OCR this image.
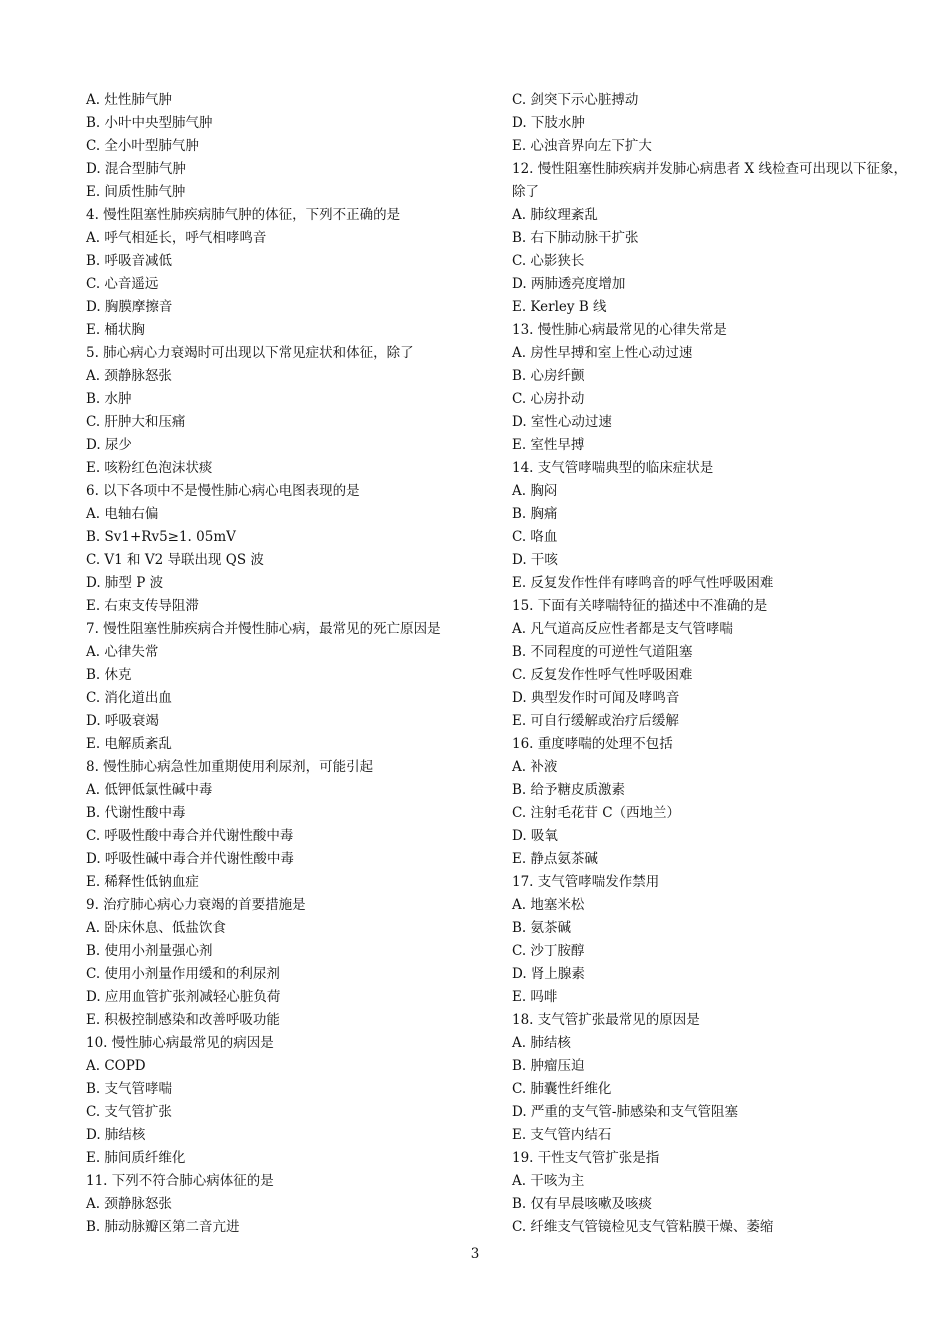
A. 灶性肺气肿
B. 小叶中央型肺气肿
C. 全小叶型肺气肿
D. 混合型肺气肿
E. 间质性肺气肿
4. 慢性阻塞性肺疾病肺气肿的体征，下列不正确的是
A. 呼气相延长，呼气相哮鸣音
B. 呼吸音减低
C. 心音遥远
D. 胸膜摩擦音
E. 桶状胸
5. 肺心病心力衰竭时可出现以下常见症状和体征，除了
A. 颈静脉怒张
B. 水肿
C. 肝肿大和压痛
D. 尿少
E. 咳粉红色泡沫状痰
6. 以下各项中不是慢性肺心病心电图表现的是
A. 电轴右偏
B. Sv1+Rv5≥1. 05mV
C. V1 和 V2 导联出现 QS 波
D. 肺型 P 波
E. 右束支传导阻滞
7. 慢性阻塞性肺疾病合并慢性肺心病，最常见的死亡原因是
A. 心律失常
B. 休克
C. 消化道出血
D. 呼吸衰竭
E. 电解质紊乱
8. 慢性肺心病急性加重期使用利尿剂，可能引起
A. 低钾低氯性碱中毒
B. 代谢性酸中毒
C. 呼吸性酸中毒合并代谢性酸中毒
D. 呼吸性碱中毒合并代谢性酸中毒
E. 稀释性低钠血症
9. 治疗肺心病心力衰竭的首要措施是
A. 卧床休息、低盐饮食
B. 使用小剂量强心剂
C. 使用小剂量作用缓和的利尿剂
D. 应用血管扩张剂减轻心脏负荷
E. 积极控制感染和改善呼吸功能
10. 慢性肺心病最常见的病因是
A. COPD
B. 支气管哮喘
C. 支气管扩张
D. 肺结核
E. 肺间质纤维化
11. 下列不符合肺心病体征的是
A. 颈静脉怒张
B. 肺动脉瓣区第二音亢进
C. 剑突下示心脏搏动
D. 下肢水肿
E. 心浊音界向左下扩大
12. 慢性阻塞性肺疾病并发肺心病患者 X 线检查可出现以下征象，除了
A. 肺纹理紊乱
B. 右下肺动脉干扩张
C. 心影狭长
D. 两肺透亮度增加
E. Kerley B 线
13. 慢性肺心病最常见的心律失常是
A. 房性早搏和室上性心动过速
B. 心房纤颤
C. 心房扑动
D. 室性心动过速
E. 室性早搏
14. 支气管哮喘典型的临床症状是
A. 胸闷
B. 胸痛
C. 咯血
D. 干咳
E. 反复发作性伴有哮鸣音的呼气性呼吸困难
15. 下面有关哮喘特征的描述中不准确的是
A. 凡气道高反应性者都是支气管哮喘
B. 不同程度的可逆性气道阻塞
C. 反复发作性呼气性呼吸困难
D. 典型发作时可闻及哮鸣音
E. 可自行缓解或治疗后缓解
16. 重度哮喘的处理不包括
A. 补液
B. 给予糖皮质激素
C. 注射毛花苷 C（西地兰）
D. 吸氧
E. 静点氨茶碱
17. 支气管哮喘发作禁用
A. 地塞米松
B. 氨茶碱
C. 沙丁胺醇
D. 肾上腺素
E. 吗啡
18. 支气管扩张最常见的原因是
A. 肺结核
B. 肿瘤压迫
C. 肺囊性纤维化
D. 严重的支气管-肺感染和支气管阻塞
E. 支气管内结石
19. 干性支气管扩张是指
A. 干咳为主
B. 仅有早晨咳嗽及咳痰
C. 纤维支气管镜检见支气管粘膜干燥、萎缩
3
